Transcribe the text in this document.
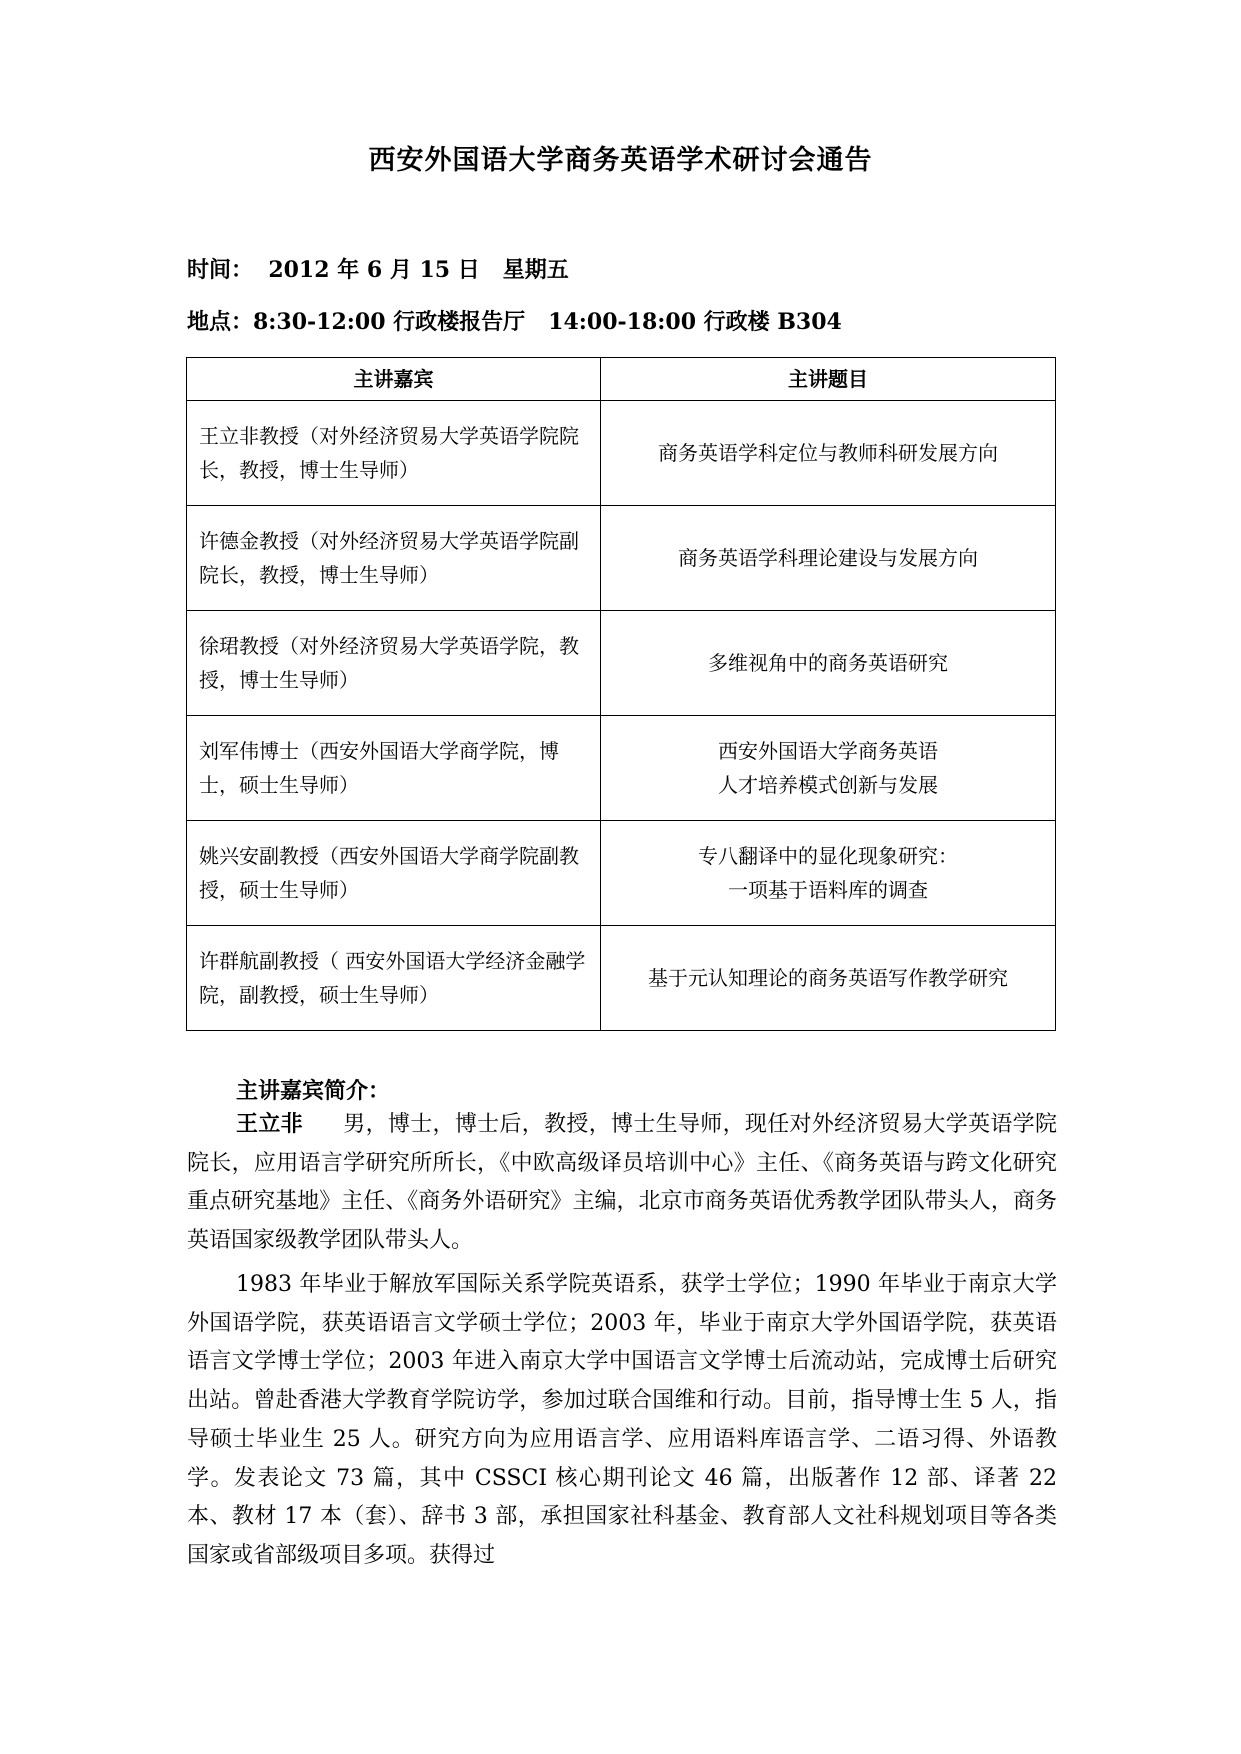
西安外国语大学商务英语学术研讨会通告
时间：  2012 年 6 月 15 日   星期五
地点：8:30-12:00 行政楼报告厅   14:00-18:00 行政楼 B304
主讲嘉宾	主讲题目
王立非教授（对外经济贸易大学英语学院院长，教授，博士生导师）	商务英语学科定位与教师科研发展方向

许德金教授（对外经济贸易大学英语学院副院长，教授，博士生导师）	商务英语学科理论建设与发展方向

徐珺教授（对外经济贸易大学英语学院，教授，博士生导师）	多维视角中的商务英语研究

刘军伟博士（西安外国语大学商学院，博士，硕士生导师）	西安外国语大学商务英语
人才培养模式创新与发展

姚兴安副教授（西安外国语大学商学院副教授，硕士生导师）	专八翻译中的显化现象研究：
一项基于语料库的调查

许群航副教授（ 西安外国语大学经济金融学院，副教授，硕士生导师）	基于元认知理论的商务英语写作教学研究
主讲嘉宾简介：

王立非 男，博士，博士后，教授，博士生导师，现任对外经济贸易大学英语学院院长，应用语言学研究所所长，《中欧高级译员培训中心》主任、《商务英语与跨文化研究重点研究基地》主任、《商务外语研究》主编，北京市商务英语优秀教学团队带头人，商务英语国家级教学团队带头人。

1983 年毕业于解放军国际关系学院英语系，获学士学位；1990 年毕业于南京大学外国语学院，获英语语言文学硕士学位；2003 年，毕业于南京大学外国语学院，获英语语言文学博士学位；2003 年进入南京大学中国语言文学博士后流动站，完成博士后研究出站。曾赴香港大学教育学院访学，参加过联合国维和行动。目前，指导博士生 5 人，指导硕士毕业生 25 人。研究方向为应用语言学、应用语料库语言学、二语习得、外语教学。发表论文 73 篇，其中 CSSCI 核心期刊论文 46 篇，出版著作 12 部、译著 22 本、教材 17 本（套）、辞书 3 部，承担国家社科基金、教育部人文社科规划项目等各类国家或省部级项目多项。获得过
